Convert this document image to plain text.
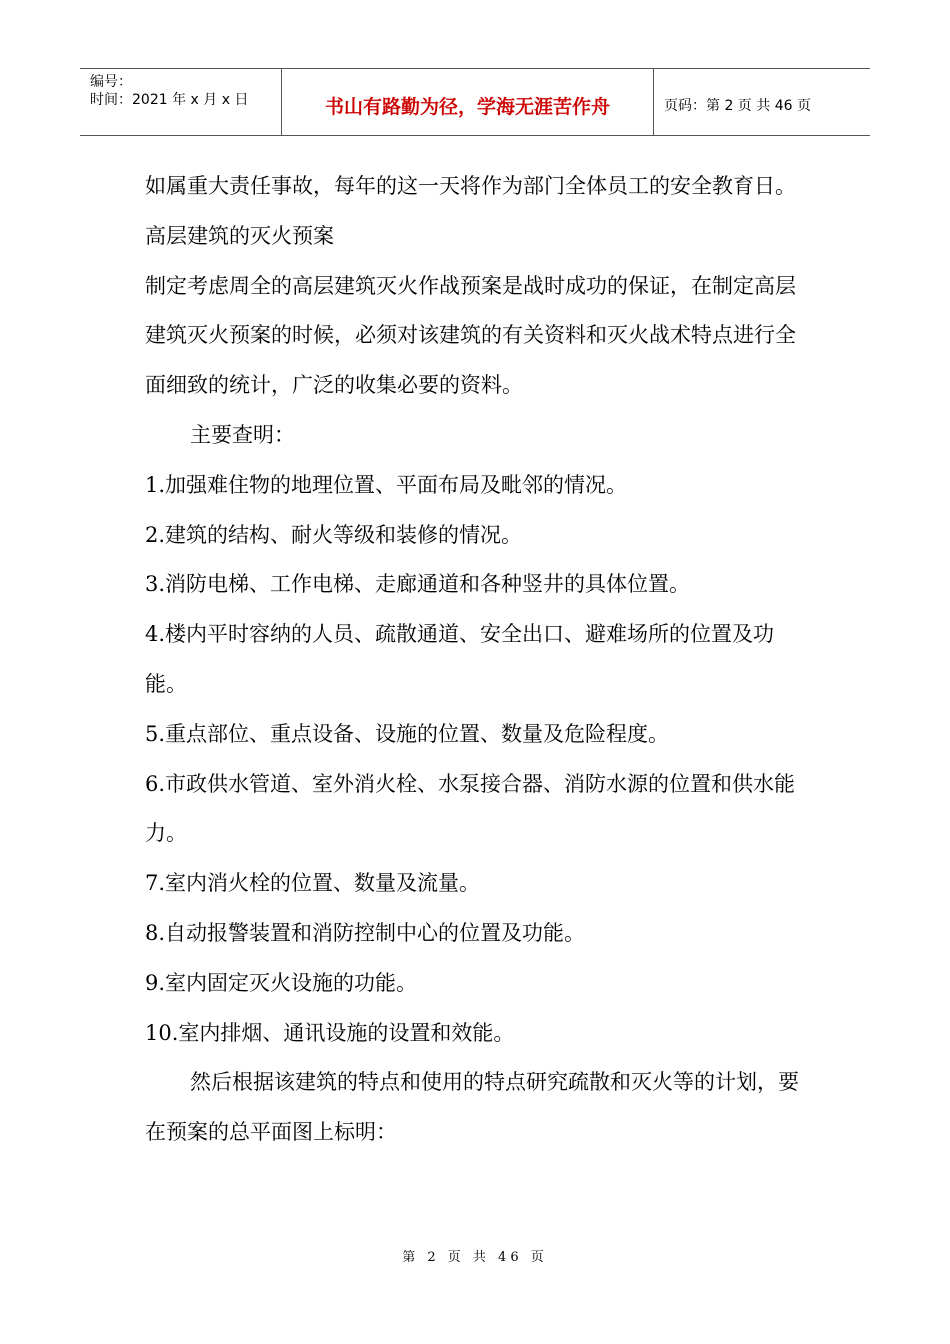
编号：
时间：2021 年 x 月 x 日	书山有路勤为径，学海无涯苦作舟	页码：第 2 页 共 46 页

如属重大责任事故，每年的这一天将作为部门全体员工的安全教育日。

高层建筑的灭火预案

制定考虑周全的高层建筑灭火作战预案是战时成功的保证，在制定高层建筑灭火预案的时候，必须对该建筑的有关资料和灭火战术特点进行全面细致的统计，广泛的收集必要的资料。

主要查明：

1.加强难住物的地理位置、平面布局及毗邻的情况。

2.建筑的结构、耐火等级和装修的情况。

3.消防电梯、工作电梯、走廊通道和各种竖井的具体位置。

4.楼内平时容纳的人员、疏散通道、安全出口、避难场所的位置及功能。

5.重点部位、重点设备、设施的位置、数量及危险程度。

6.市政供水管道、室外消火栓、水泵接合器、消防水源的位置和供水能力。

7.室内消火栓的位置、数量及流量。

8.自动报警装置和消防控制中心的位置及功能。

9.室内固定灭火设施的功能。

10.室内排烟、通讯设施的设置和效能。

然后根据该建筑的特点和使用的特点研究疏散和灭火等的计划，要在预案的总平面图上标明：

第 2 页 共 46 页
